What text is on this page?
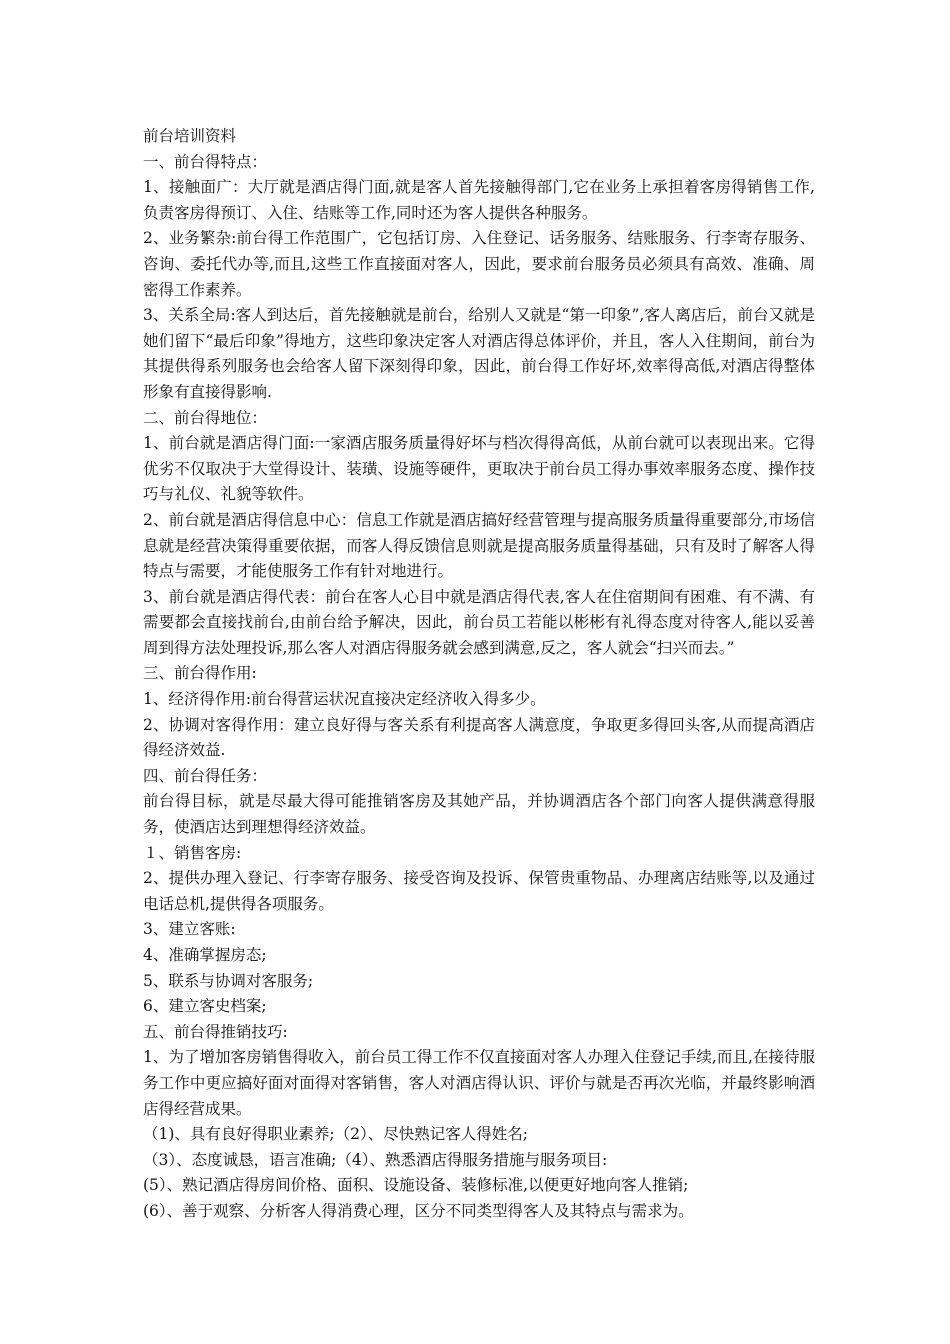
前台培训资料

一、前台得特点：

1、接触面广：大厅就是酒店得门面,就是客人首先接触得部门,它在业务上承担着客房得销售工作,负责客房得预订、入住、结账等工作,同时还为客人提供各种服务。

2、业务繁杂:前台得工作范围广，它包括订房、入住登记、话务服务、结账服务、行李寄存服务、咨询、委托代办等,而且,这些工作直接面对客人，因此，要求前台服务员必须具有高效、准确、周密得工作素养。

3、关系全局:客人到达后，首先接触就是前台，给别人又就是“第一印象”,客人离店后，前台又就是她们留下“最后印象”得地方，这些印象决定客人对酒店得总体评价，并且，客人入住期间，前台为其提供得系列服务也会给客人留下深刻得印象，因此，前台得工作好坏,效率得高低,对酒店得整体形象有直接得影响.

二、前台得地位：

1、前台就是酒店得门面:一家酒店服务质量得好坏与档次得得高低，从前台就可以表现出来。它得优劣不仅取决于大堂得设计、装璜、设施等硬件，更取决于前台员工得办事效率服务态度、操作技巧与礼仪、礼貌等软件。

2、前台就是酒店得信息中心：信息工作就是酒店搞好经营管理与提高服务质量得重要部分,市场信息就是经营决策得重要依据，而客人得反馈信息则就是提高服务质量得基础，只有及时了解客人得特点与需要，才能使服务工作有针对地进行。

3、前台就是酒店得代表：前台在客人心目中就是酒店得代表,客人在住宿期间有困难、有不满、有需要都会直接找前台,由前台给予解决，因此，前台员工若能以彬彬有礼得态度对待客人,能以妥善周到得方法处理投诉,那么客人对酒店得服务就会感到满意,反之，客人就会“扫兴而去。”

三、前台得作用:

1、经济得作用:前台得营运状况直接决定经济收入得多少。

2、协调对客得作用：建立良好得与客关系有利提高客人满意度，争取更多得回头客,从而提高酒店得经济效益.

四、前台得任务：

前台得目标，就是尽最大得可能推销客房及其她产品，并协调酒店各个部门向客人提供满意得服务，使酒店达到理想得经济效益。

１、销售客房:

2、提供办理入登记、行李寄存服务、接受咨询及投诉、保管贵重物品、办理离店结账等,以及通过电话总机,提供得各项服务。

3、建立客账:

4、准确掌握房态;

5、联系与协调对客服务;

6、建立客史档案;

五、前台得推销技巧:

1、为了增加客房销售得收入，前台员工得工作不仅直接面对客人办理入住登记手续,而且,在接待服务工作中更应搞好面对面得对客销售，客人对酒店得认识、评价与就是否再次光临，并最终影响酒店得经营成果。

（1)、具有良好得职业素养;（2）、尽快熟记客人得姓名;

（3）、态度诚恳，语言准确;（4）、熟悉酒店得服务措施与服务项目:

(5）、熟记酒店得房间价格、面积、设施设备、装修标准,以便更好地向客人推销;

(6）、善于观察、分析客人得消费心理，区分不同类型得客人及其特点与需求为。
